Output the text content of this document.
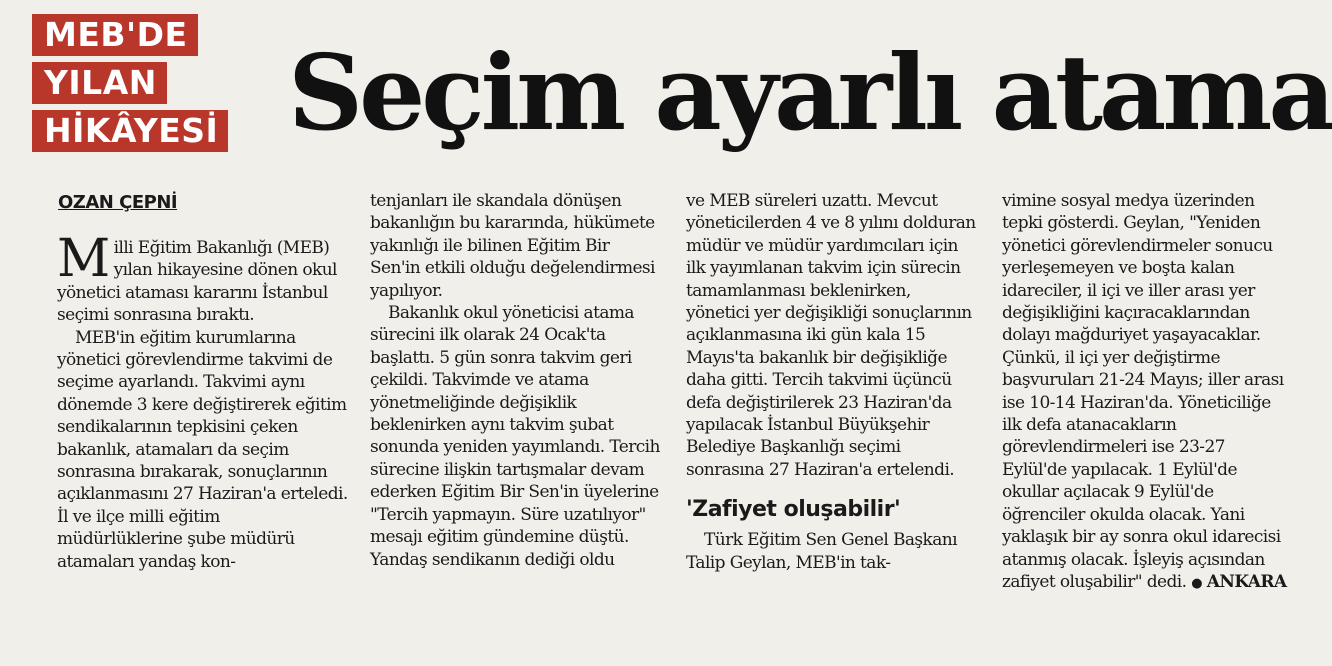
MEB'DE
YILAN
HİKÂYESİ Seçim ayarlı atama
OZAN ÇEPNİ

Milli Eğitim Bakanlığı (MEB) yılan hikayesine dönen okul yönetici ataması kararını İstanbul seçimi sonrasına bıraktı.

MEB'in eğitim kurumlarına yönetici görevlendirme takvimi de seçime ayarlandı. Takvimi aynı dönemde 3 kere değiştirerek eğitim sendikalarının tepkisini çeken bakanlık, atamaları da seçim sonrasına bırakarak, sonuçlarının açıklanmasını 27 Haziran'a erteledi. İl ve ilçe milli eğitim müdürlüklerine şube müdürü atamaları yandaş kon-

tenjanları ile skandala dönüşen bakanlığın bu kararında, hükümete yakınlığı ile bilinen Eğitim Bir Sen'in etkili olduğu değelendirmesi yapılıyor.

Bakanlık okul yöneticisi atama sürecini ilk olarak 24 Ocak'ta başlattı. 5 gün sonra takvim geri çekildi. Takvimde ve atama yönetmeliğinde değişiklik beklenirken aynı takvim şubat sonunda yeniden yayımlandı. Tercih sürecine ilişkin tartışmalar devam ederken Eğitim Bir Sen'in üyelerine "Tercih yapmayın. Süre uzatılıyor" mesajı eğitim gündemine düştü. Yandaş sendikanın dediği oldu

ve MEB süreleri uzattı. Mevcut yöneticilerden 4 ve 8 yılını dolduran müdür ve müdür yardımcıları için ilk yayımlanan takvim için sürecin tamamlanması beklenirken, yönetici yer değişikliği sonuçlarının açıklanmasına iki gün kala 15 Mayıs'ta bakanlık bir değişikliğe daha gitti. Tercih takvimi üçüncü defa değiştirilerek 23 Haziran'da yapılacak İstanbul Büyükşehir Belediye Başkanlığı seçimi sonrasına 27 Haziran'a ertelendi.

'Zafiyet oluşabilir'

Türk Eğitim Sen Genel Başkanı Talip Geylan, MEB'in tak-

vimine sosyal medya üzerinden tepki gösterdi. Geylan, "Yeniden yönetici görevlendirmeler sonucu yerleşemeyen ve boşta kalan idareciler, il içi ve iller arası yer değişikliğini kaçıracaklarından dolayı mağduriyet yaşayacaklar. Çünkü, il içi yer değiştirme başvuruları 21-24 Mayıs; iller arası ise 10-14 Haziran'da. Yöneticiliğe ilk defa atanacakların görevlendirmeleri ise 23-27 Eylül'de yapılacak. 1 Eylül'de okullar açılacak 9 Eylül'de öğrenciler okulda olacak. Yani yaklaşık bir ay sonra okul idarecisi atanmış olacak. İşleyiş açısından zafiyet oluşabilir" dedi. ● ANKARA
